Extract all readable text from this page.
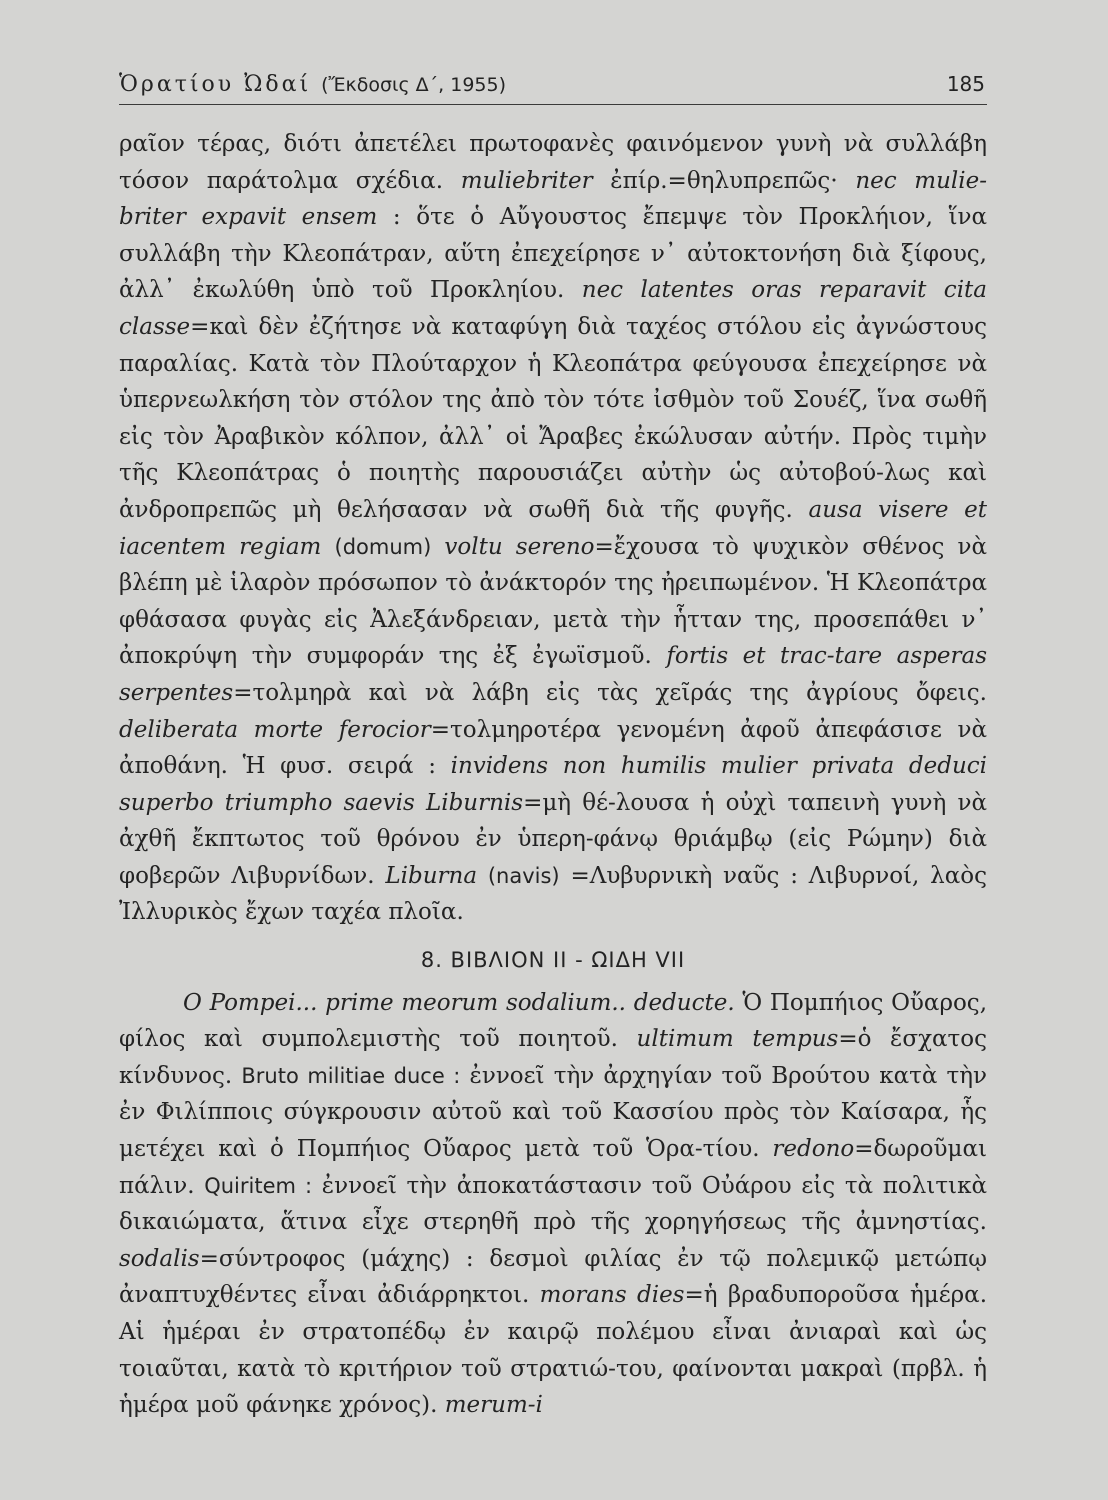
Ὁρατίου Ὠδαί (Ἔκδοσις Δ΄, 1955)	185

ραῖον τέρας, διότι ἀπετέλει πρωτοφανὲς φαινόμενον γυνὴ νὰ συλλάβη τόσον παράτολμα σχέδια. muliebriter ἐπίρ.=θηλυπρεπῶς· nec mulie-briter expavit ensem : ὅτε ὁ Αὔγουστος ἔπεμψε τὸν Προκλήιον, ἵνα συλλάβη τὴν Κλεοπάτραν, αὕτη ἐπεχείρησε ν᾽ αὐτοκτονήση διὰ ξίφους, ἀλλ᾽ ἐκωλύθη ὑπὸ τοῦ Προκληίου. nec latentes oras reparavit cita classe=καὶ δὲν ἐζήτησε νὰ καταφύγη διὰ ταχέος στόλου εἰς ἀγνώστους παραλίας. Κατὰ τὸν Πλούταρχον ἡ Κλεοπάτρα φεύγουσα ἐπεχείρησε νὰ ὑπερνεωλκήση τὸν στόλον της ἀπὸ τὸν τότε ἰσθμὸν τοῦ Σουέζ, ἵνα σωθῆ εἰς τὸν Ἀραβικὸν κόλπον, ἀλλ᾽ οἱ Ἄραβες ἐκώλυσαν αὐτήν. Πρὸς τιμὴν τῆς Κλεοπάτρας ὁ ποιητὴς παρουσιάζει αὐτὴν ὡς αὐτοβού-λως καὶ ἀνδροπρεπῶς μὴ θελήσασαν νὰ σωθῆ διὰ τῆς φυγῆς. ausa visere et iacentem regiam (domum) voltu sereno=ἔχουσα τὸ ψυχικὸν σθένος νὰ βλέπη μὲ ἱλαρὸν πρόσωπον τὸ ἀνάκτορόν της ἠρειπωμένον. Ἡ Κλεοπάτρα φθάσασα φυγὰς εἰς Ἀλεξάνδρειαν, μετὰ τὴν ἧτταν της, προσεπάθει ν᾽ ἀποκρύψη τὴν συμφοράν της ἐξ ἐγωϊσμοῦ. fortis et trac-tare asperas serpentes=τολμηρὰ καὶ νὰ λάβη εἰς τὰς χεῖράς της ἀγρίους ὄφεις. deliberata morte ferocior=τολμηροτέρα γενομένη ἀφοῦ ἀπεφάσισε νὰ ἀποθάνη. Ἡ φυσ. σειρά : invidens non humilis mulier privata deduci superbo triumpho saevis Liburnis=μὴ θέ-λουσα ἡ οὐχὶ ταπεινὴ γυνὴ νὰ ἀχθῆ ἔκπτωτος τοῦ θρόνου ἐν ὑπερη-φάνῳ θριάμβῳ (εἰς Ρώμην) διὰ φοβερῶν Λιβυρνίδων. Liburna (navis) =Λυβυρνικὴ ναῦς : Λιβυρνοί, λαὸς Ἰλλυρικὸς ἔχων ταχέα πλοῖα.

8. ΒΙΒΛΙΟΝ ΙΙ - ΩΙΔΗ VII

O Pompei... prime meorum sodalium.. deducte. Ὁ Πομπήιος Οὔαρος, φίλος καὶ συμπολεμιστὴς τοῦ ποιητοῦ. ultimum tempus=ὁ ἔσχατος κίνδυνος. Bruto militiae duce : ἐννοεῖ τὴν ἀρχηγίαν τοῦ Βρούτου κατὰ τὴν ἐν Φιλίπποις σύγκρουσιν αὐτοῦ καὶ τοῦ Κασσίου πρὸς τὸν Καίσαρα, ἧς μετέχει καὶ ὁ Πομπήιος Οὔαρος μετὰ τοῦ Ὁρα-τίου. redono=δωροῦμαι πάλιν. Quiritem : ἐννοεῖ τὴν ἀποκατάστασιν τοῦ Οὐάρου εἰς τὰ πολιτικὰ δικαιώματα, ἅτινα εἶχε στερηθῆ πρὸ τῆς χορηγήσεως τῆς ἀμνηστίας. sodalis=σύντροφος (μάχης) : δεσμοὶ φιλίας ἐν τῷ πολεμικῷ μετώπῳ ἀναπτυχθέντες εἶναι ἀδιάρρηκτοι. morans dies=ἡ βραδυποροῦσα ἡμέρα. Αἱ ἡμέραι ἐν στρατοπέδῳ ἐν καιρῷ πολέμου εἶναι ἀνιαραὶ καὶ ὡς τοιαῦται, κατὰ τὸ κριτήριον τοῦ στρατιώ-του, φαίνονται μακραὶ (πρβλ. ἡ ἡμέρα μοῦ φάνηκε χρόνος). merum-i
